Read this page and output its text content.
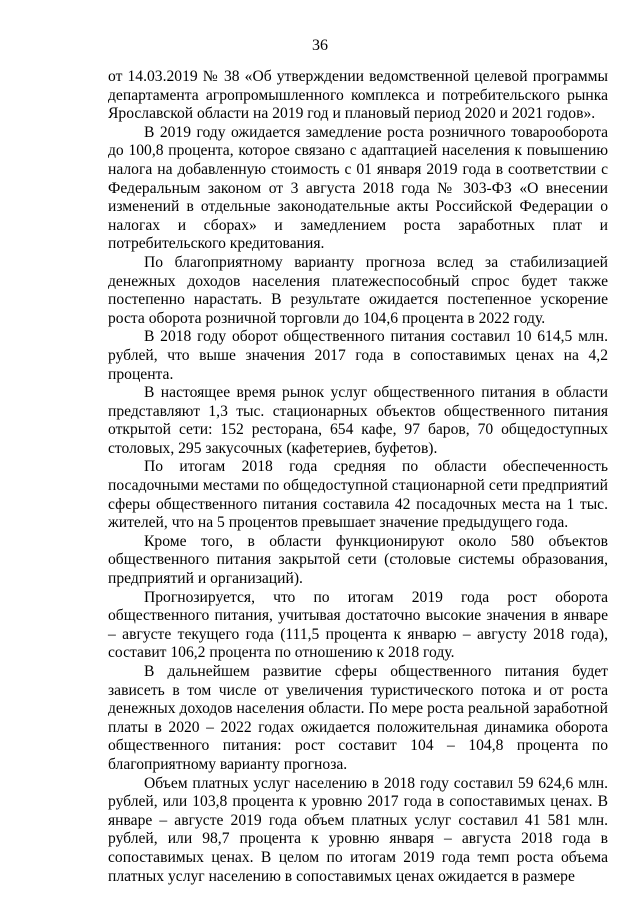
36

от 14.03.2019 № 38 «Об утверждении ведомственной целевой программы департамента агропромышленного комплекса и потребительского рынка Ярославской области на 2019 год и плановый период 2020 и 2021 годов».

В 2019 году ожидается замедление роста розничного товарооборота до 100,8 процента, которое связано с адаптацией населения к повышению налога на добавленную стоимость с 01 января 2019 года в соответствии с Федеральным законом от 3 августа 2018 года № 303-ФЗ «О внесении изменений в отдельные законодательные акты Российской Федерации о налогах и сборах» и замедлением роста заработных плат и потребительского кредитования.

По благоприятному варианту прогноза вслед за стабилизацией денежных доходов населения платежеспособный спрос будет также постепенно нарастать. В результате ожидается постепенное ускорение роста оборота розничной торговли до 104,6 процента в 2022 году.

В 2018 году оборот общественного питания составил 10 614,5 млн. рублей, что выше значения 2017 года в сопоставимых ценах на 4,2 процента.

В настоящее время рынок услуг общественного питания в области представляют 1,3 тыс. стационарных объектов общественного питания открытой сети: 152 ресторана, 654 кафе, 97 баров, 70 общедоступных столовых, 295 закусочных (кафетериев, буфетов).

По итогам 2018 года средняя по области обеспеченность посадочными местами по общедоступной стационарной сети предприятий сферы общественного питания составила 42 посадочных места на 1 тыс. жителей, что на 5 процентов превышает значение предыдущего года.

Кроме того, в области функционируют около 580 объектов общественного питания закрытой сети (столовые системы образования, предприятий и организаций).

Прогнозируется, что по итогам 2019 года рост оборота общественного питания, учитывая достаточно высокие значения в январе – августе текущего года (111,5 процента к январю – августу 2018 года), составит 106,2 процента по отношению к 2018 году.

В дальнейшем развитие сферы общественного питания будет зависеть в том числе от увеличения туристического потока и от роста денежных доходов населения области. По мере роста реальной заработной платы в 2020 – 2022 годах ожидается положительная динамика оборота общественного питания: рост составит 104 – 104,8 процента по благоприятному варианту прогноза.

Объем платных услуг населению в 2018 году составил 59 624,6 млн. рублей, или 103,8 процента к уровню 2017 года в сопоставимых ценах. В январе – августе 2019 года объем платных услуг составил 41 581 млн. рублей, или 98,7 процента к уровню января – августа 2018 года в сопоставимых ценах. В целом по итогам 2019 года темп роста объема платных услуг населению в сопоставимых ценах ожидается в размере
